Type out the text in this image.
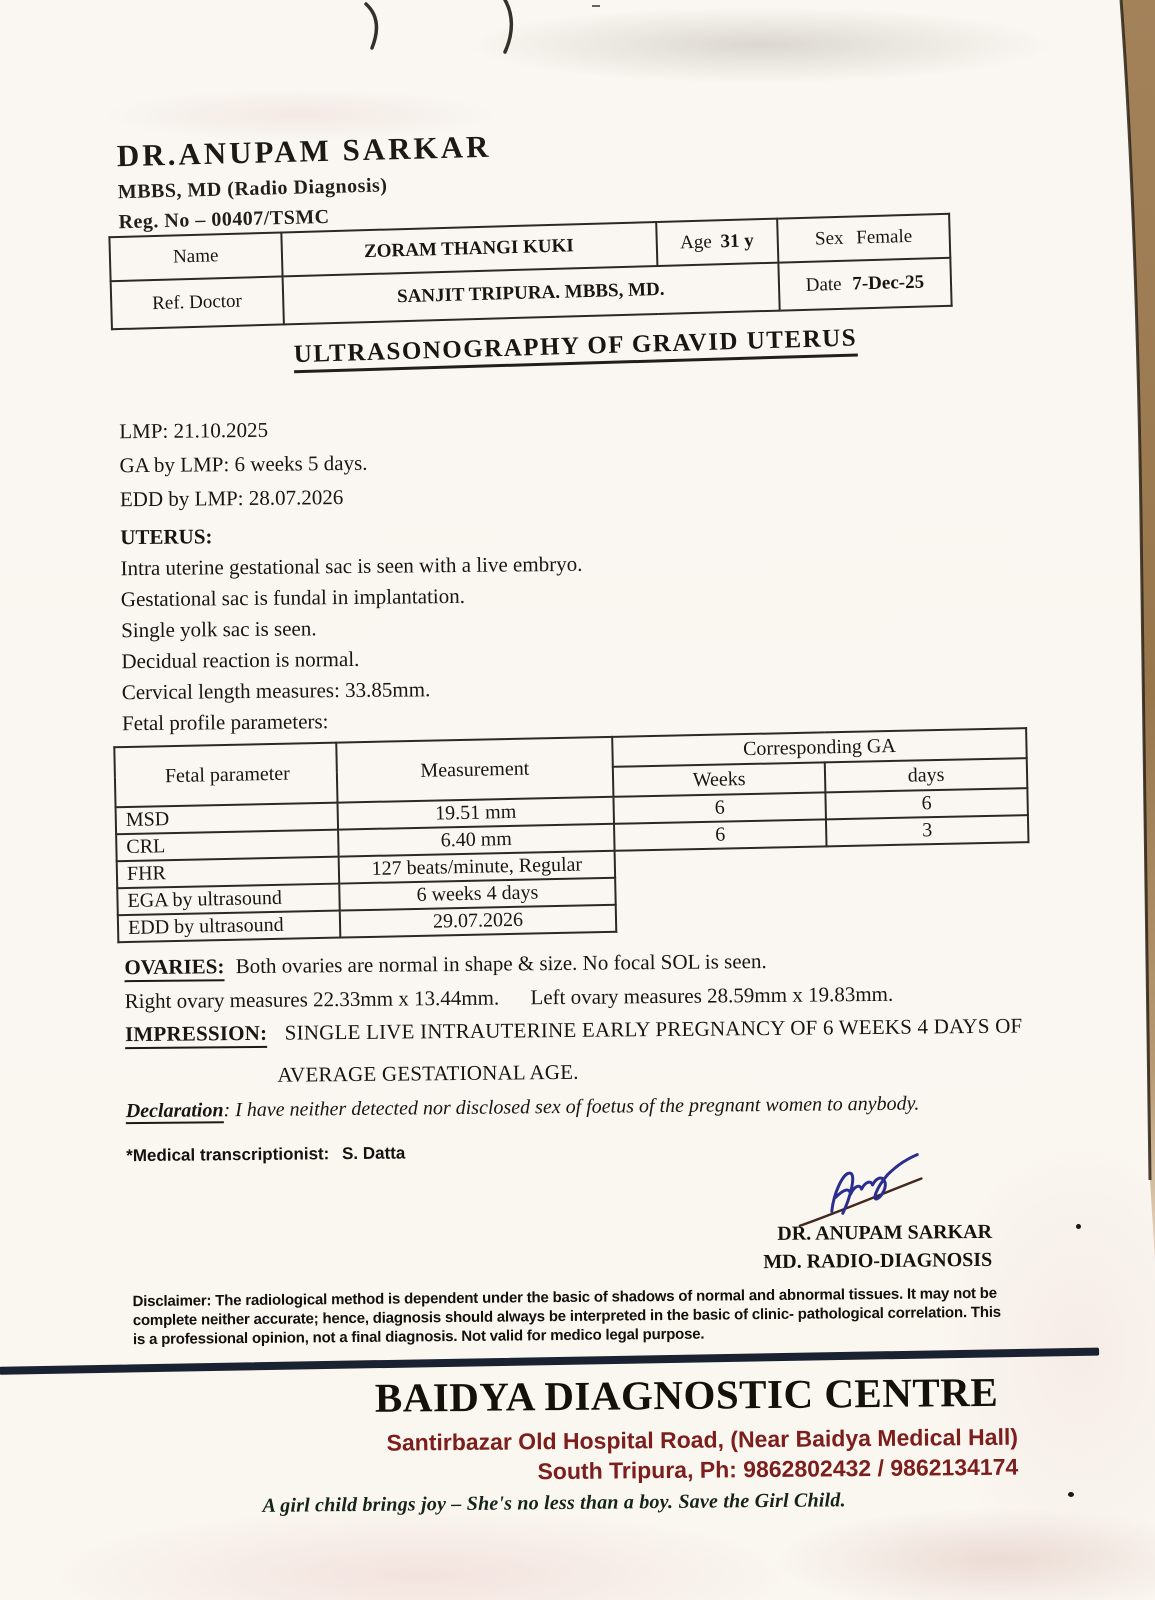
DR.ANUPAM SARKAR
MBBS, MD (Radio Diagnosis)
Reg. No – 00407/TSMC
Name	ZORAM THANGI KUKI	Age 31 y	Sex Female
Ref. Doctor	SANJIT TRIPURA. MBBS, MD.		Date 7-Dec-25
ULTRASONOGRAPHY OF GRAVID UTERUS
LMP: 21.10.2025
GA by LMP: 6 weeks 5 days.
EDD by LMP: 28.07.2026
UTERUS:
Intra uterine gestational sac is seen with a live embryo.
Gestational sac is fundal in implantation.
Single yolk sac is seen.
Decidual reaction is normal.
Cervical length measures: 33.85mm.
Fetal profile parameters:
Fetal parameter	Measurement	Corresponding GA	
		Weeks	days
MSD	19.51 mm	6	6
CRL	6.40 mm	6	3
FHR	127 beats/minute, Regular		
EGA by ultrasound	6 weeks 4 days		
EDD by ultrasound	29.07.2026		
OVARIES: Both ovaries are normal in shape & size. No focal SOL is seen.
Right ovary measures 22.33mm x 13.44mm. Left ovary measures 28.59mm x 19.83mm.
IMPRESSION: SINGLE LIVE INTRAUTERINE EARLY PREGNANCY OF 6 WEEKS 4 DAYS OF
AVERAGE GESTATIONAL AGE.
Declaration: I have neither detected nor disclosed sex of foetus of the pregnant women to anybody.
*Medical transcriptionist: S. Datta
DR. ANUPAM SARKAR
MD. RADIO-DIAGNOSIS
Disclaimer: The radiological method is dependent under the basic of shadows of normal and abnormal tissues. It may not be complete neither accurate; hence, diagnosis should always be interpreted in the basic of clinic- pathological correlation. This is a professional opinion, not a final diagnosis. Not valid for medico legal purpose.
BAIDYA DIAGNOSTIC CENTRE
Santirbazar Old Hospital Road, (Near Baidya Medical Hall)
South Tripura, Ph: 9862802432 / 9862134174
A girl child brings joy – She's no less than a boy. Save the Girl Child.
